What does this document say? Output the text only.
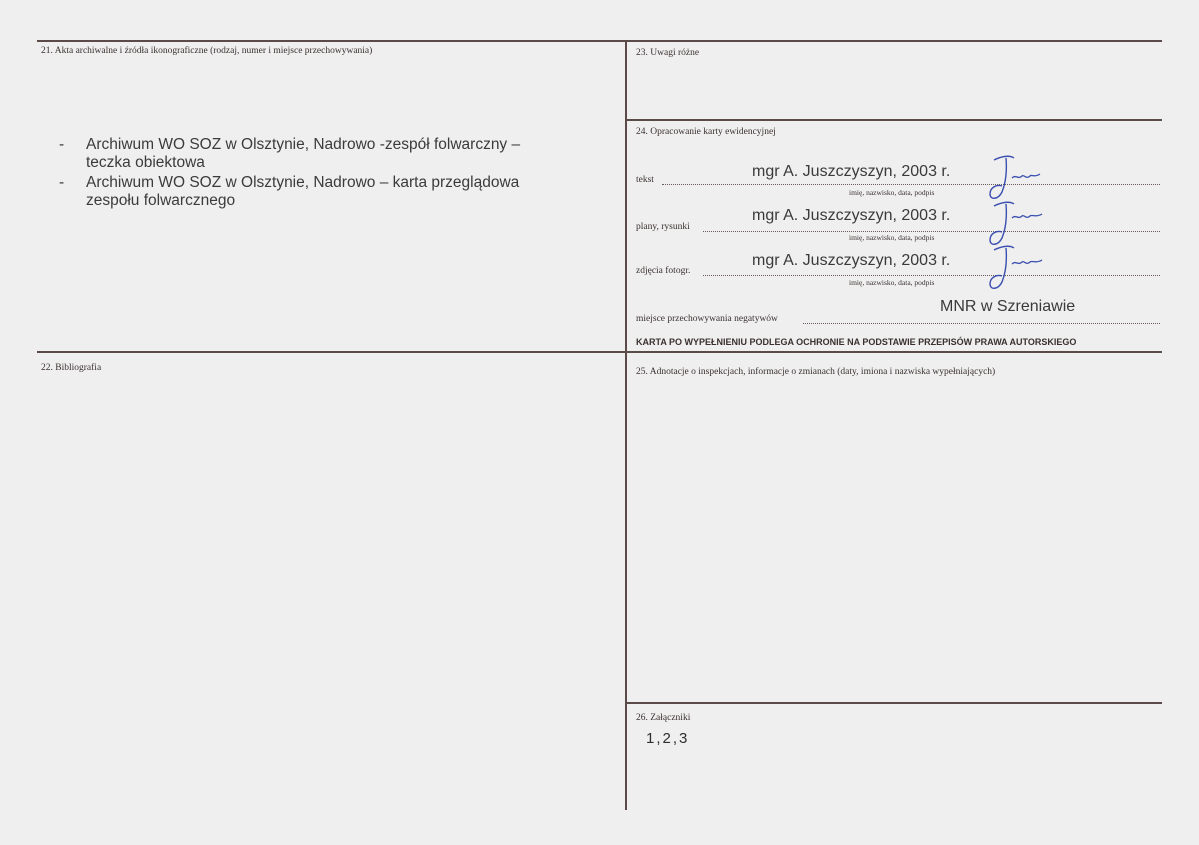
21. Akta archiwalne i źródła ikonograficzne (rodzaj, numer i miejsce przechowywania)
- Archiwum WO SOZ w Olsztynie, Nadrowo -zespół folwarczny –
teczka obiektowa
- Archiwum WO SOZ w Olsztynie, Nadrowo – karta przeglądowa
zespołu folwarcznego
22. Bibliografia
23. Uwagi różne
24. Opracowanie karty ewidencyjnej
tekst	mgr A. Juszczyszyn, 2003 r.
imię, nazwisko, data, podpis
plany, rysunki
mgr A. Juszczyszyn, 2003 r.
imię, nazwisko, data, podpis
zdjęcia fotogr.
mgr A. Juszczyszyn, 2003 r.
imię, nazwisko, data, podpis
miejsce przechowywania negatywów
MNR w Szreniawie
KARTA PO WYPEŁNIENIU PODLEGA OCHRONIE NA PODSTAWIE PRZEPISÓW PRAWA AUTORSKIEGO
25. Adnotacje o inspekcjach, informacje o zmianach (daty, imiona i nazwiska wypełniających)
26. Załączniki
1,2,3
